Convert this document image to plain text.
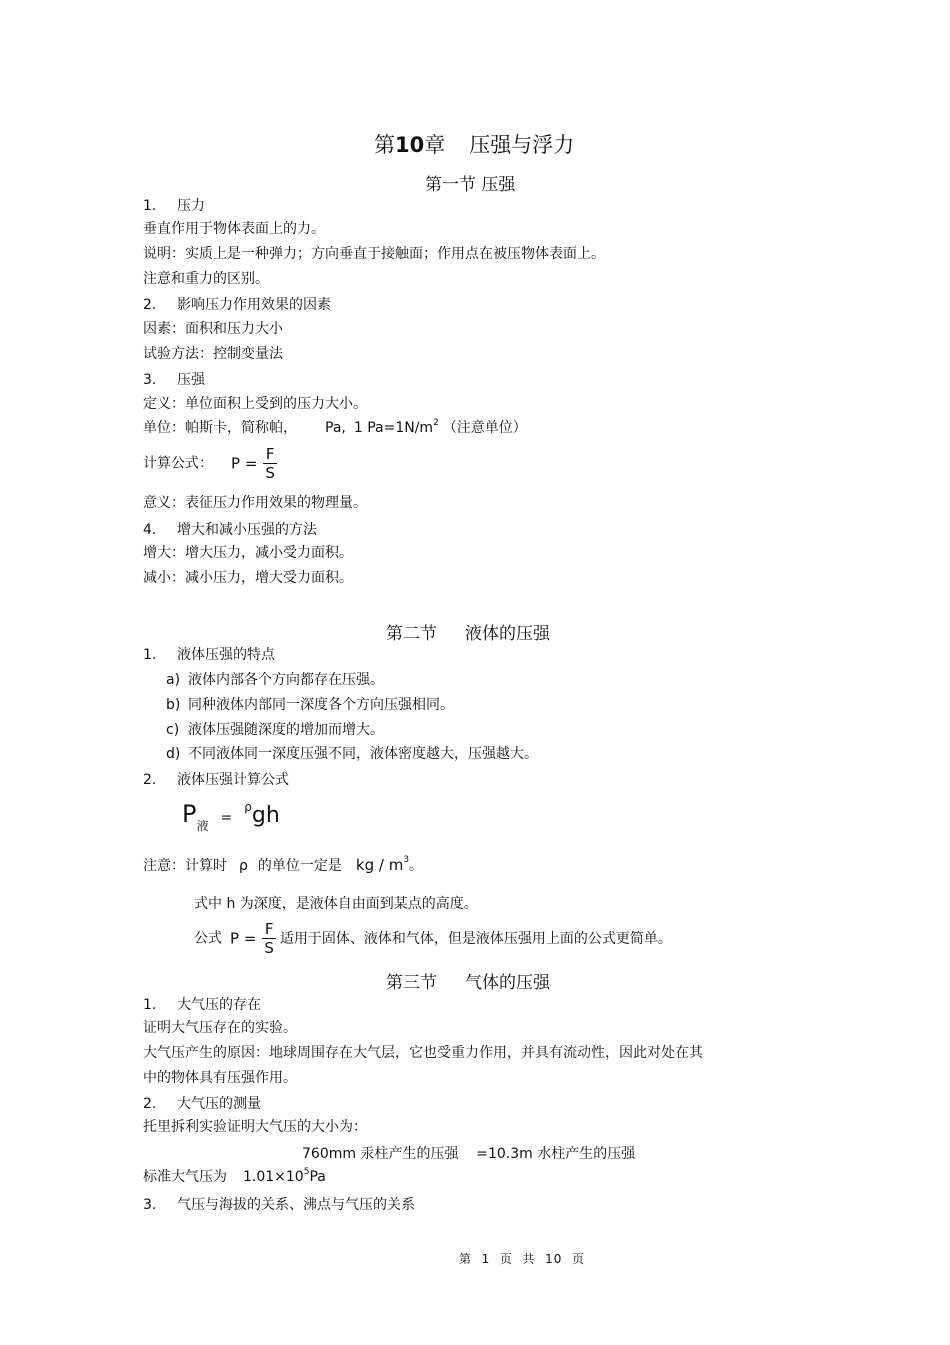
第10章 压强与浮力
第一节 压强
1. 压力
垂直作用于物体表面上的力。
说明：实质上是一种弹力；方向垂直于接触面；作用点在被压物体表面上。
注意和重力的区别。
2. 影响压力作用效果的因素
因素：面积和压力大小
试验方法：控制变量法
3. 压强
定义：单位面积上受到的压力大小。
单位：帕斯卡，简称帕， Pa, 1 $Pa=1N/m^2$ （注意单位）
计算公式： $P = \frac{F}{S}$
意义：表征压力作用效果的物理量。
4. 增大和减小压强的方法
增大：增大压力，减小受力面积。
减小：减小压力，增大受力面积。
第二节 液体的压强
1. 液体压强的特点
a) 液体内部各个方向都存在压强。
b) 同种液体内部同一深度各个方向压强相同。
c) 液体压强随深度的增加而增大。
d) 不同液体同一深度压强不同，液体密度越大，压强越大。
2. 液体压强计算公式
$P_液 =^\rho gh$
注意：计算时 ρ 的单位一定是 kg / $m^3$。
式中 h 为深度，是液体自由面到某点的高度。
公式 $P = \frac{F}{S}$ 适用于固体、液体和气体，但是液体压强用上面的公式更简单。
第三节 气体的压强
1. 大气压的存在
证明大气压存在的实验。
大气压产生的原因：地球周围存在大气层，它也受重力作用，并具有流动性，因此对处在其
中的物体具有压强作用。
2. 大气压的测量
托里拆利实验证明大气压的大小为：
760mm 汞柱产生的压强    =10.3m 水柱产生的压强
标准大气压为 $1.01\times 10^5Pa$
3. 气压与海拔的关系、沸点与气压的关系
第  1  页  共  10  页
